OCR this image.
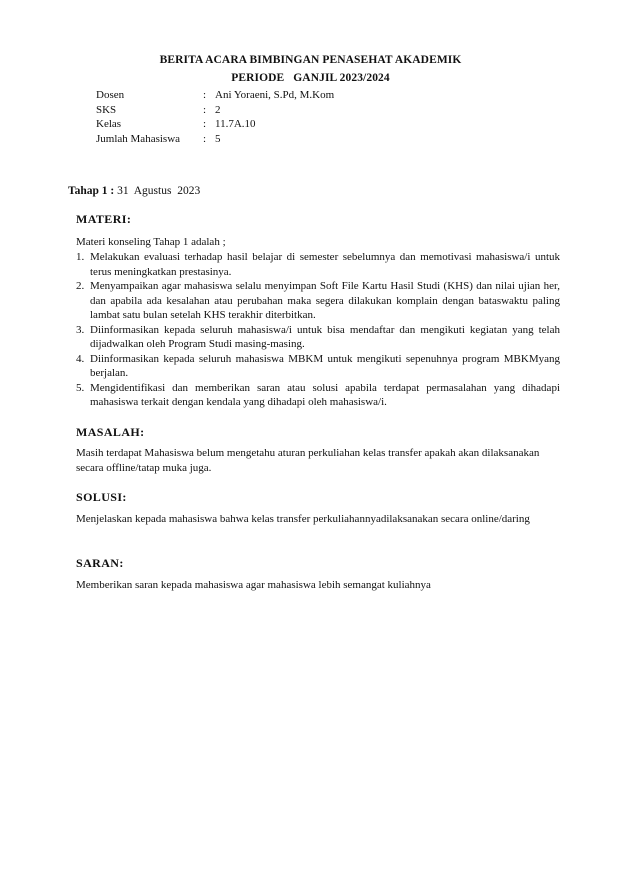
BERITA ACARA BIMBINGAN PENASEHAT AKADEMIK
PERIODE   GANJIL 2023/2024
Dosen	: Ani Yoraeni, S.Pd, M.Kom
SKS	: 2
Kelas	: 11.7A.10
Jumlah Mahasiswa : 5
Tahap 1 : 31  Agustus  2023
MATERI:
Materi konseling Tahap 1 adalah ;
1. Melakukan evaluasi terhadap hasil belajar di semester sebelumnya dan memotivasi mahasiswa/i untuk terus meningkatkan prestasinya.
2. Menyampaikan agar mahasiswa selalu menyimpan Soft File Kartu Hasil Studi (KHS) dan nilai ujian her, dan apabila ada kesalahan atau perubahan maka segera dilakukan komplain dengan bataswaktu paling lambat satu bulan setelah KHS terakhir diterbitkan.
3. Diinformasikan kepada seluruh mahasiswa/i untuk bisa mendaftar dan mengikuti kegiatan yang telah dijadwalkan oleh Program Studi masing-masing.
4. Diinformasikan kepada seluruh mahasiswa MBKM untuk mengikuti sepenuhnya program MBKMyang berjalan.
5. Mengidentifikasi dan memberikan saran atau solusi apabila terdapat permasalahan yang dihadapi mahasiswa terkait dengan kendala yang dihadapi oleh mahasiswa/i.
MASALAH:
Masih terdapat Mahasiswa belum mengetahu aturan perkuliahan kelas transfer apakah akan dilaksanakan secara offline/tatap muka juga.
SOLUSI:
Menjelaskan kepada mahasiswa bahwa kelas transfer perkuliahannyadilaksanakan secara online/daring
SARAN:
Memberikan saran kepada mahasiswa agar mahasiswa lebih semangat kuliahnya
